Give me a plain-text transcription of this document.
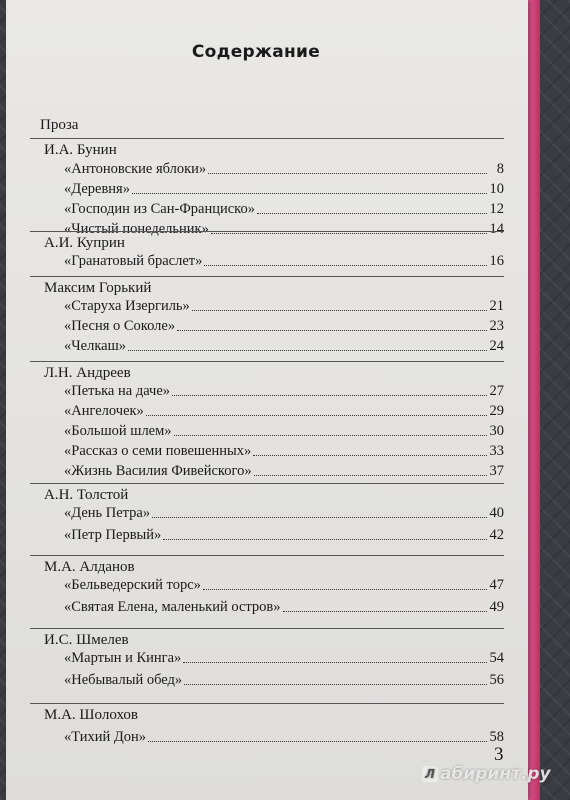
Содержание
Проза
И.А. Бунин
«Антоновские яблоки»	8
«Деревня»	10
«Господин из Сан-Франциско»	12
«Чистый понедельник»	14
А.И. Куприн
«Гранатовый браслет»	16
Максим Горький
«Старуха Изергиль»	21
«Песня о Соколе»	23
«Челкаш»	24
Л.Н. Андреев
«Петька на даче»	27
«Ангелочек»	29
«Большой шлем»	30
«Рассказ о семи повешенных»	33
«Жизнь Василия Фивейского»	37
А.Н. Толстой
«День Петра»	40
«Петр Первый»	42
М.А. Алданов
«Бельведерский торс»	47
«Святая Елена, маленький остров»	49
И.С. Шмелев
«Мартын и Кинга»	54
«Небывалый обед»	56
М.А. Шолохов
«Тихий Дон»	58
3
Л абиринт.ру
